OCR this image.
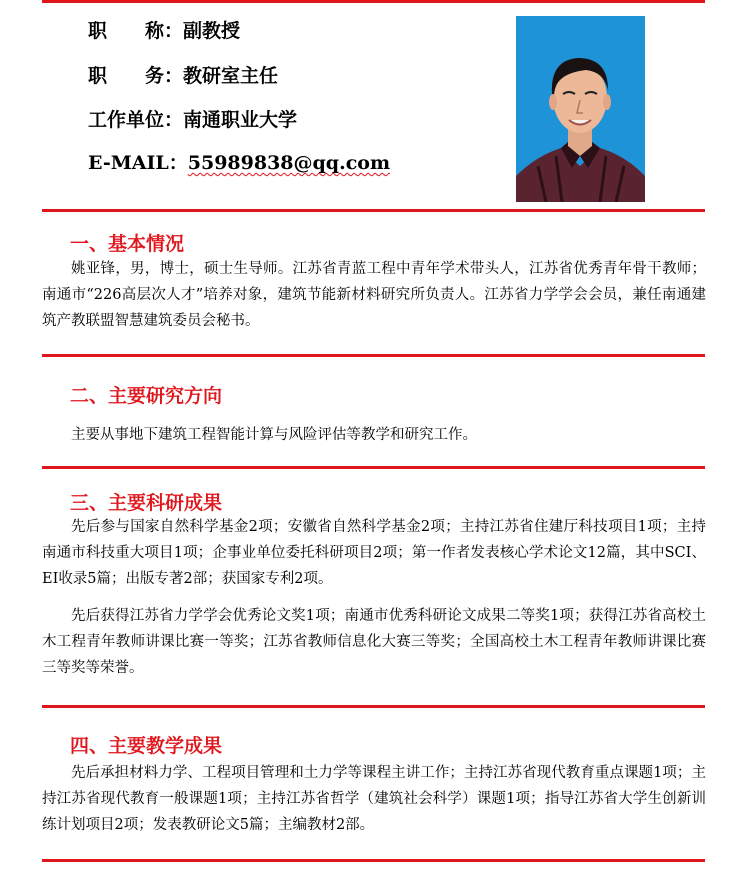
职　　称：副教授
职　　务：教研室主任
工作单位：南通职业大学
E-MAIL：55989838@qq.com
一、基本情况

姚亚锋，男，博士，硕士生导师。江苏省青蓝工程中青年学术带头人，江苏省优秀青年骨干教师；南通市“226高层次人才”培养对象，建筑节能新材料研究所负责人。江苏省力学学会会员，兼任南通建筑产教联盟智慧建筑委员会秘书。

二、主要研究方向

主要从事地下建筑工程智能计算与风险评估等教学和研究工作。

三、主要科研成果

先后参与国家自然科学基金2项；安徽省自然科学基金2项；主持江苏省住建厅科技项目1项；主持南通市科技重大项目1项；企事业单位委托科研项目2项；第一作者发表核心学术论文12篇，其中SCI、EI收录5篇；出版专著2部；获国家专利2项。

先后获得江苏省力学学会优秀论文奖1项；南通市优秀科研论文成果二等奖1项；获得江苏省高校土木工程青年教师讲课比赛一等奖；江苏省教师信息化大赛三等奖；全国高校土木工程青年教师讲课比赛三等奖等荣誉。

四、主要教学成果

先后承担材料力学、工程项目管理和土力学等课程主讲工作；主持江苏省现代教育重点课题1项；主持江苏省现代教育一般课题1项；主持江苏省哲学（建筑社会科学）课题1项；指导江苏省大学生创新训练计划项目2项；发表教研论文5篇；主编教材2部。
